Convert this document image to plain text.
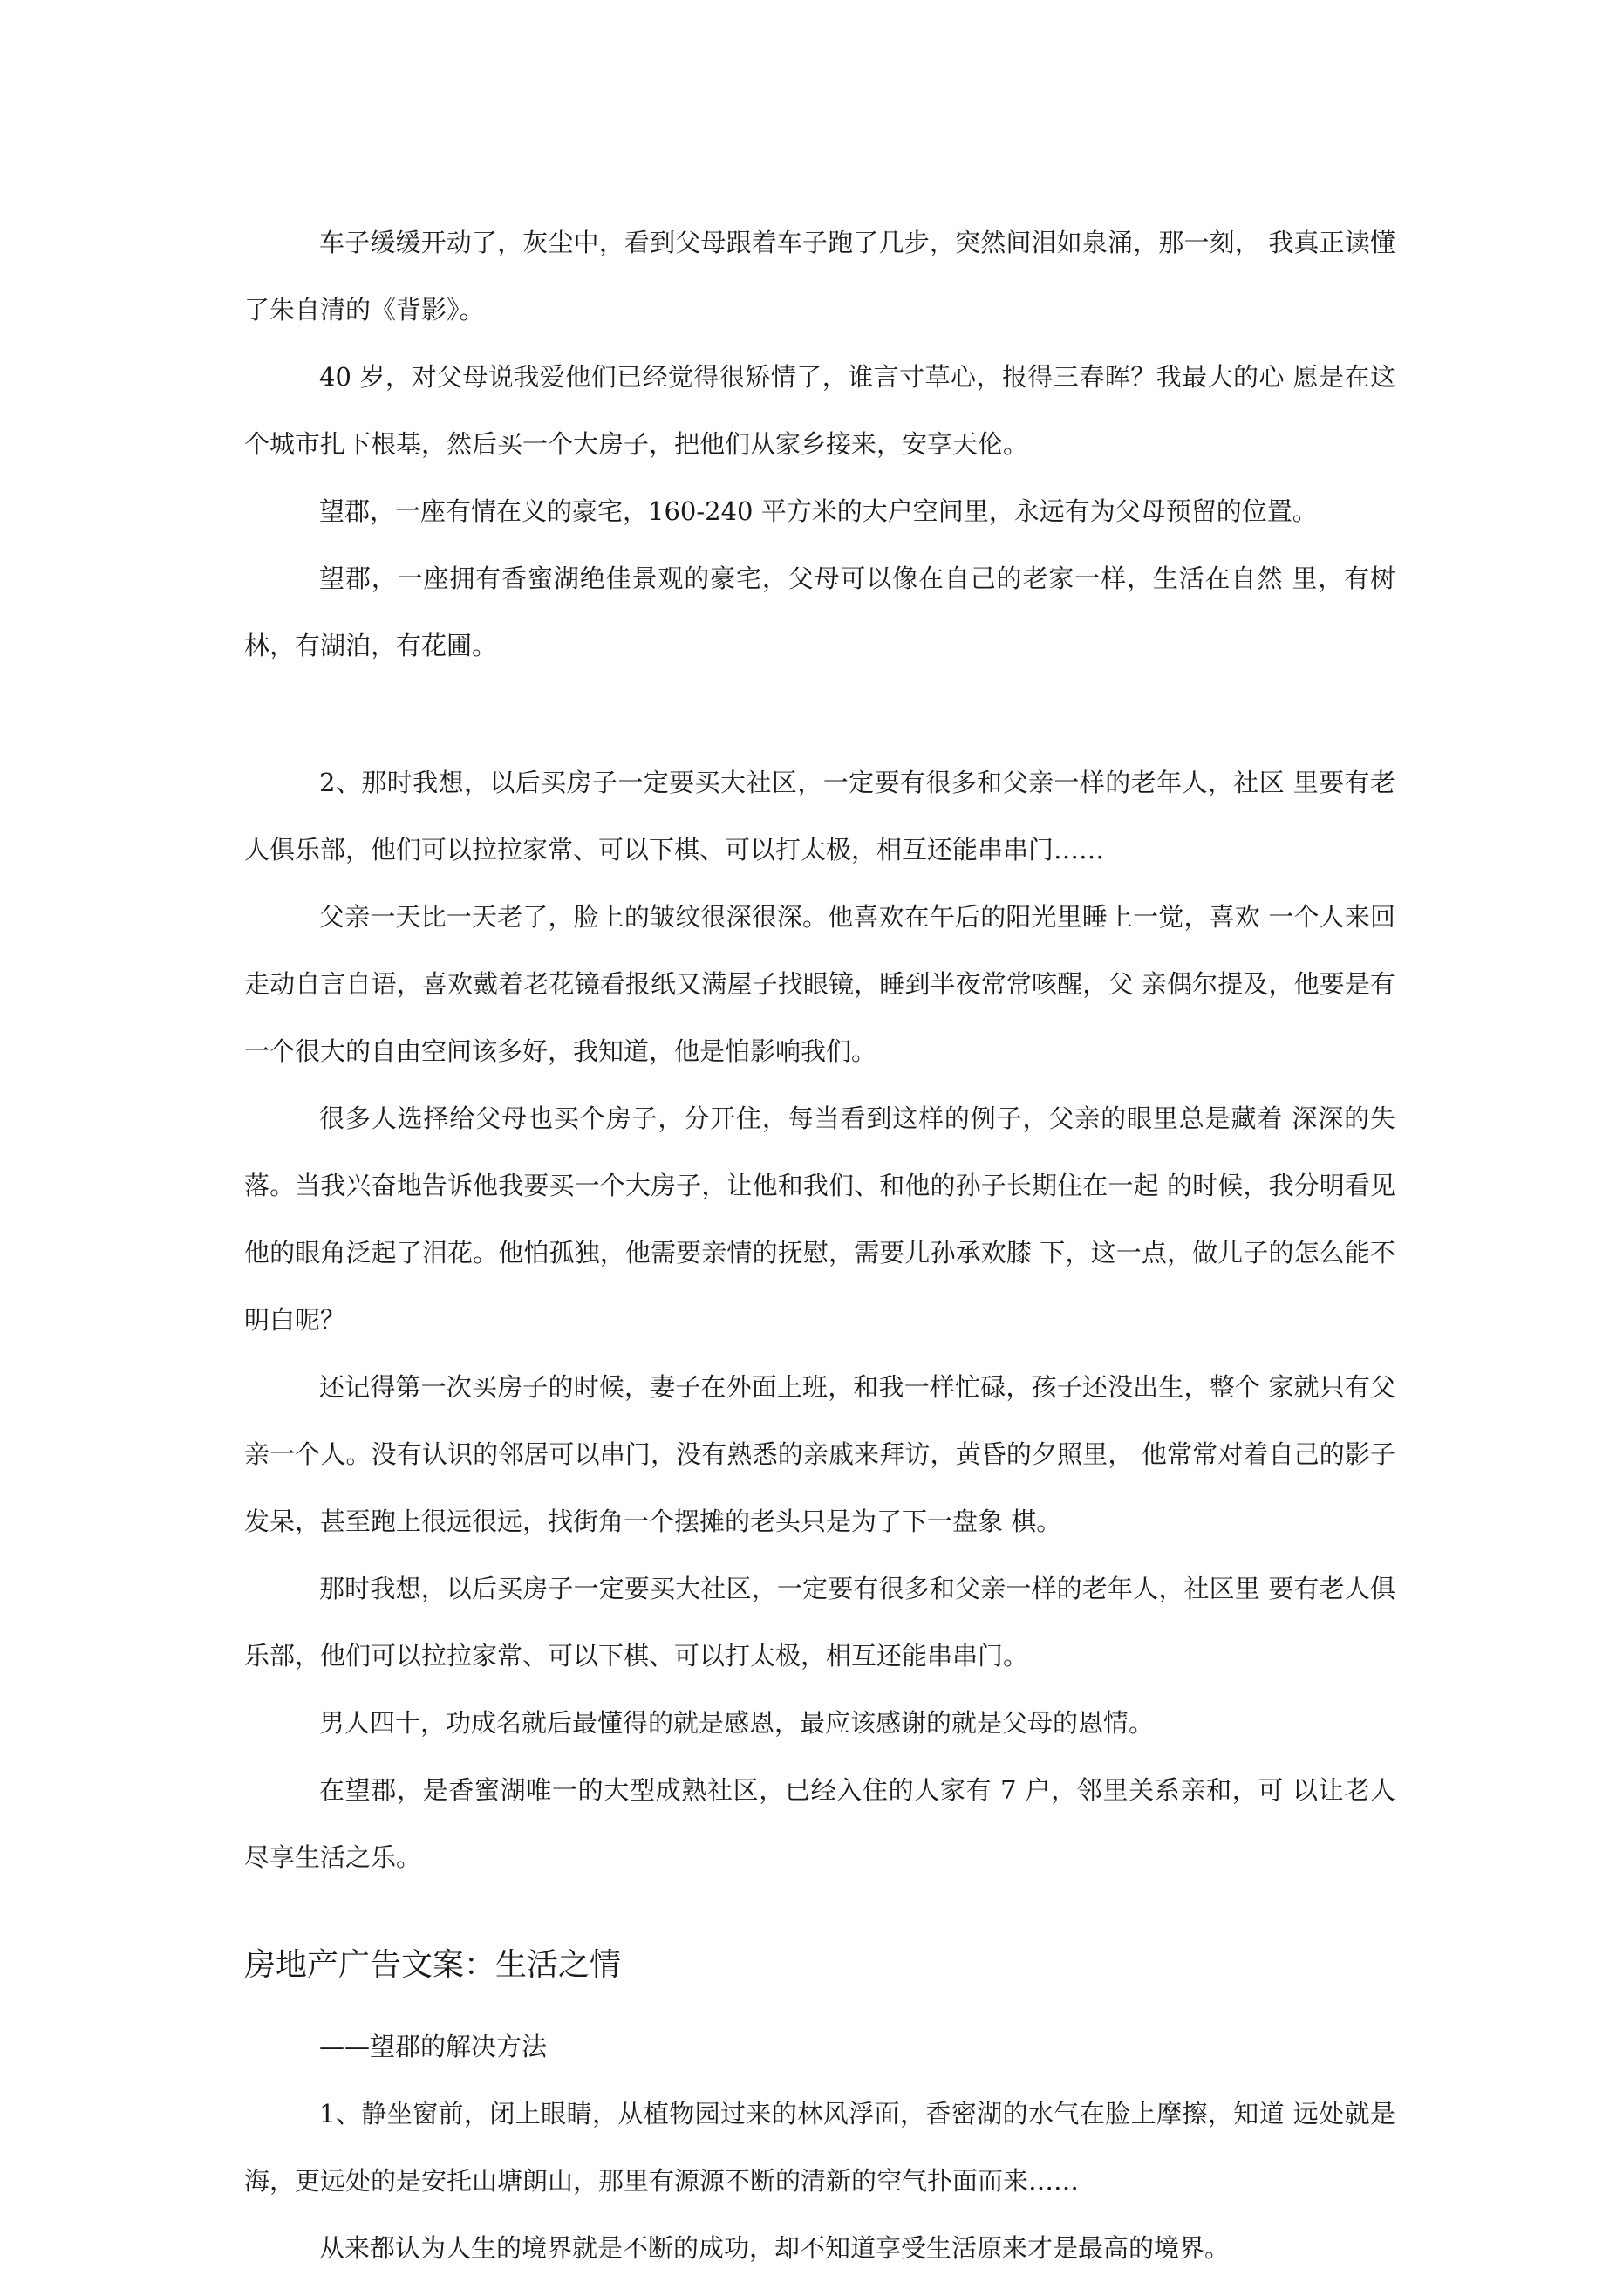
车子缓缓开动了，灰尘中，看到父母跟着车子跑了几步，突然间泪如泉涌，那一刻， 我真正读懂了朱自清的《背影》。

40 岁，对父母说我爱他们已经觉得很矫情了，谁言寸草心，报得三春晖？我最大的心 愿是在这个城市扎下根基，然后买一个大房子，把他们从家乡接来，安享天伦。

望郡，一座有情在义的豪宅，160-240 平方米的大户空间里，永远有为父母预留的位置。

望郡，一座拥有香蜜湖绝佳景观的豪宅，父母可以像在自己的老家一样，生活在自然 里，有树林，有湖泊，有花圃。

2、那时我想，以后买房子一定要买大社区，一定要有很多和父亲一样的老年人，社区 里要有老人俱乐部，他们可以拉拉家常、可以下棋、可以打太极，相互还能串串门……

父亲一天比一天老了，脸上的皱纹很深很深。他喜欢在午后的阳光里睡上一觉，喜欢 一个人来回走动自言自语，喜欢戴着老花镜看报纸又满屋子找眼镜，睡到半夜常常咳醒，父 亲偶尔提及，他要是有一个很大的自由空间该多好，我知道，他是怕影响我们。

很多人选择给父母也买个房子，分开住，每当看到这样的例子，父亲的眼里总是藏着 深深的失落。当我兴奋地告诉他我要买一个大房子，让他和我们、和他的孙子长期住在一起 的时候，我分明看见他的眼角泛起了泪花。他怕孤独，他需要亲情的抚慰，需要儿孙承欢膝 下，这一点，做儿子的怎么能不明白呢？

还记得第一次买房子的时候，妻子在外面上班，和我一样忙碌，孩子还没出生，整个 家就只有父亲一个人。没有认识的邻居可以串门，没有熟悉的亲戚来拜访，黄昏的夕照里， 他常常对着自己的影子发呆，甚至跑上很远很远，找街角一个摆摊的老头只是为了下一盘象 棋。

那时我想，以后买房子一定要买大社区，一定要有很多和父亲一样的老年人，社区里 要有老人俱乐部，他们可以拉拉家常、可以下棋、可以打太极，相互还能串串门。

男人四十，功成名就后最懂得的就是感恩，最应该感谢的就是父母的恩情。

在望郡，是香蜜湖唯一的大型成熟社区，已经入住的人家有 7 户，邻里关系亲和，可 以让老人尽享生活之乐。

房地产广告文案：生活之情

——望郡的解决方法

1、静坐窗前，闭上眼睛，从植物园过来的林风浮面，香密湖的水气在脸上摩擦，知道 远处就是海，更远处的是安托山塘朗山，那里有源源不断的清新的空气扑面而来……

从来都认为人生的境界就是不断的成功，却不知道享受生活原来才是最高的境界。
